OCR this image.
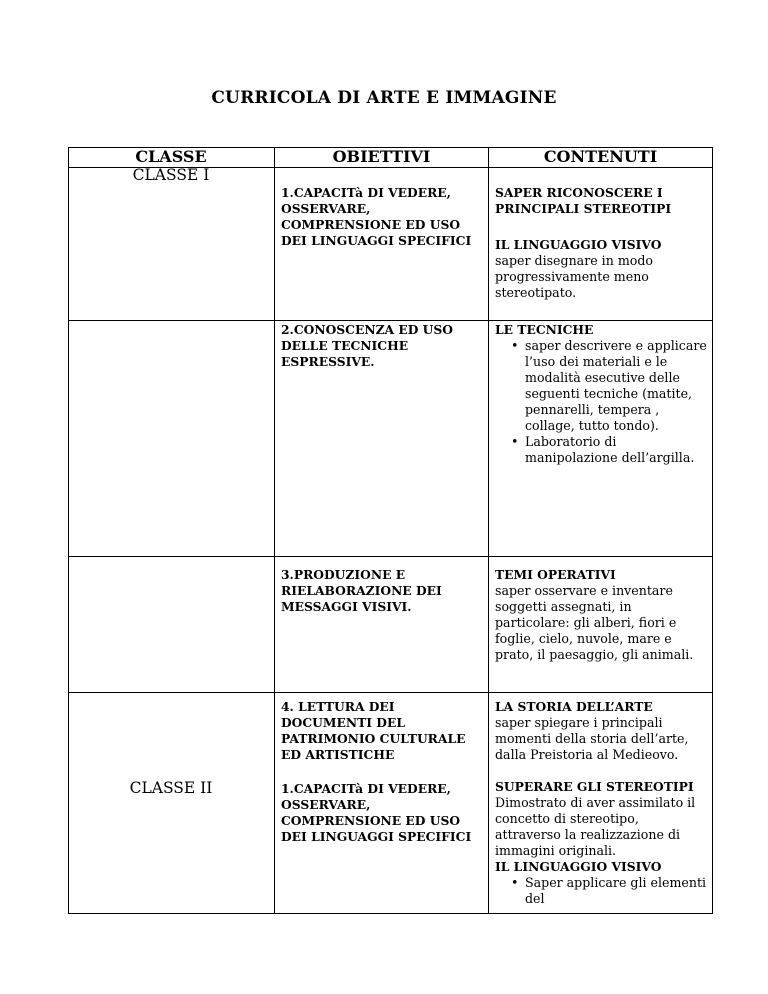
CURRICOLA DI ARTE E IMMAGINE
CLASSE	OBIETTIVI	CONTENUTI
CLASSE I
CLASSE II
1.CAPACITà DI VEDERE, OSSERVARE, COMPRENSIONE ED USO DEI LINGUAGGI SPECIFICI

SAPER RICONOSCERE I PRINCIPALI STEREOTIPI

IL LINGUAGGIO VISIVO

saper disegnare in modo progressivamente meno stereotipato.

2.CONOSCENZA ED USO DELLE TECNICHE ESPRESSIVE.

LE TECNICHE

• saper descrivere e applicare l’uso dei materiali e le modalità esecutive delle seguenti tecniche (matite, pennarelli, tempera , collage, tutto tondo).
• Laboratorio di manipolazione dell’argilla.
3.PRODUZIONE E RIELABORAZIONE DEI MESSAGGI VISIVI.

TEMI OPERATIVI

saper osservare e inventare soggetti assegnati, in particolare: gli alberi, fiori e foglie, cielo, nuvole, mare e prato, il paesaggio, gli animali.

4. LETTURA DEI DOCUMENTI DEL PATRIMONIO CULTURALE ED ARTISTICHE

LA STORIA DELL’ARTE

saper spiegare i principali momenti della storia dell’arte, dalla Preistoria al Medieovo.

1.CAPACITà DI VEDERE, OSSERVARE, COMPRENSIONE ED USO DEI LINGUAGGI SPECIFICI

SUPERARE GLI STEREOTIPI

Dimostrato di aver assimilato il concetto di stereotipo, attraverso la realizzazione di immagini originali.

IL LINGUAGGIO VISIVO

• Saper applicare gli elementi del
